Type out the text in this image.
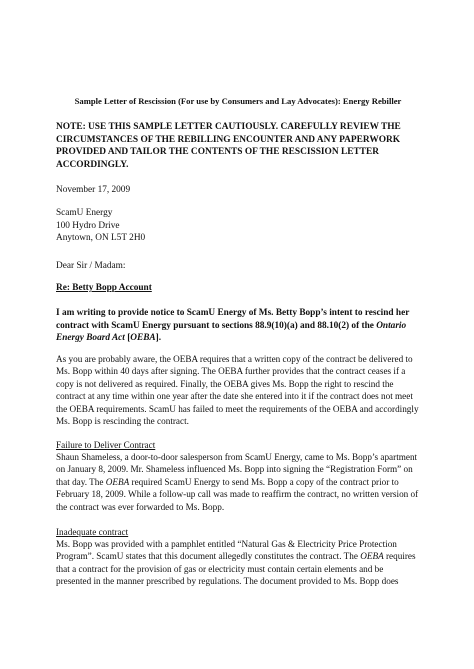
Sample Letter of Rescission (For use by Consumers and Lay Advocates): Energy Rebiller

NOTE: USE THIS SAMPLE LETTER CAUTIOUSLY. CAREFULLY REVIEW THE CIRCUMSTANCES OF THE REBILLING ENCOUNTER AND ANY PAPERWORK PROVIDED AND TAILOR THE CONTENTS OF THE RESCISSION LETTER ACCORDINGLY.

November 17, 2009

ScamU Energy
100 Hydro Drive
Anytown, ON L5T 2H0

Dear Sir / Madam:

Re: Betty Bopp Account

I am writing to provide notice to ScamU Energy of Ms. Betty Bopp’s intent to rescind her contract with ScamU Energy pursuant to sections 88.9(10)(a) and 88.10(2) of the Ontario Energy Board Act [OEBA].

As you are probably aware, the OEBA requires that a written copy of the contract be delivered to Ms. Bopp within 40 days after signing. The OEBA further provides that the contract ceases if a copy is not delivered as required. Finally, the OEBA gives Ms. Bopp the right to rescind the contract at any time within one year after the date she entered into it if the contract does not meet the OEBA requirements. ScamU has failed to meet the requirements of the OEBA and accordingly Ms. Bopp is rescinding the contract.

Failure to Deliver Contract

Shaun Shameless, a door-to-door salesperson from ScamU Energy, came to Ms. Bopp’s apartment on January 8, 2009. Mr. Shameless influenced Ms. Bopp into signing the “Registration Form” on that day. The OEBA required ScamU Energy to send Ms. Bopp a copy of the contract prior to February 18, 2009. While a follow-up call was made to reaffirm the contract, no written version of the contract was ever forwarded to Ms. Bopp.

Inadequate contract

Ms. Bopp was provided with a pamphlet entitled “Natural Gas & Electricity Price Protection Program”. ScamU states that this document allegedly constitutes the contract. The OEBA requires that a contract for the provision of gas or electricity must contain certain elements and be presented in the manner prescribed by regulations. The document provided to Ms. Bopp does
